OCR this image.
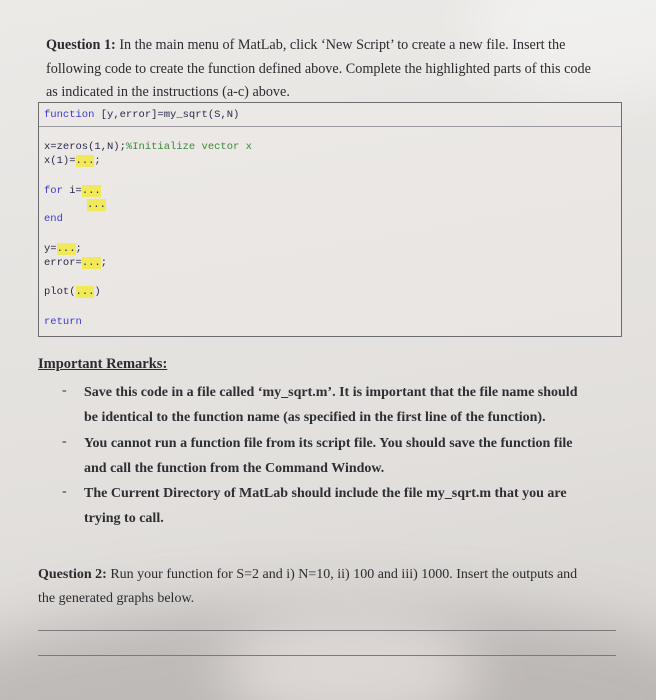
Question 1: In the main menu of MatLab, click ‘New Script’ to create a new file. Insert the
following code to create the function defined above. Complete the highlighted parts of this code
as indicated in the instructions (a-c) above.
function [y,error]=my_sqrt(S,N)
x=zeros(1,N);%Initialize vector x
x(1)=...;
for i=...
...
end
y=...;
error=...;
plot(...)
return
Important Remarks:
- Save this code in a file called ‘my_sqrt.m’. It is important that the file name should
be identical to the function name (as specified in the first line of the function).
- You cannot run a function file from its script file. You should save the function file
and call the function from the Command Window.
- The Current Directory of MatLab should include the file my_sqrt.m that you are
trying to call.
Question 2: Run your function for S=2 and i) N=10, ii) 100 and iii) 1000. Insert the outputs and
the generated graphs below.
